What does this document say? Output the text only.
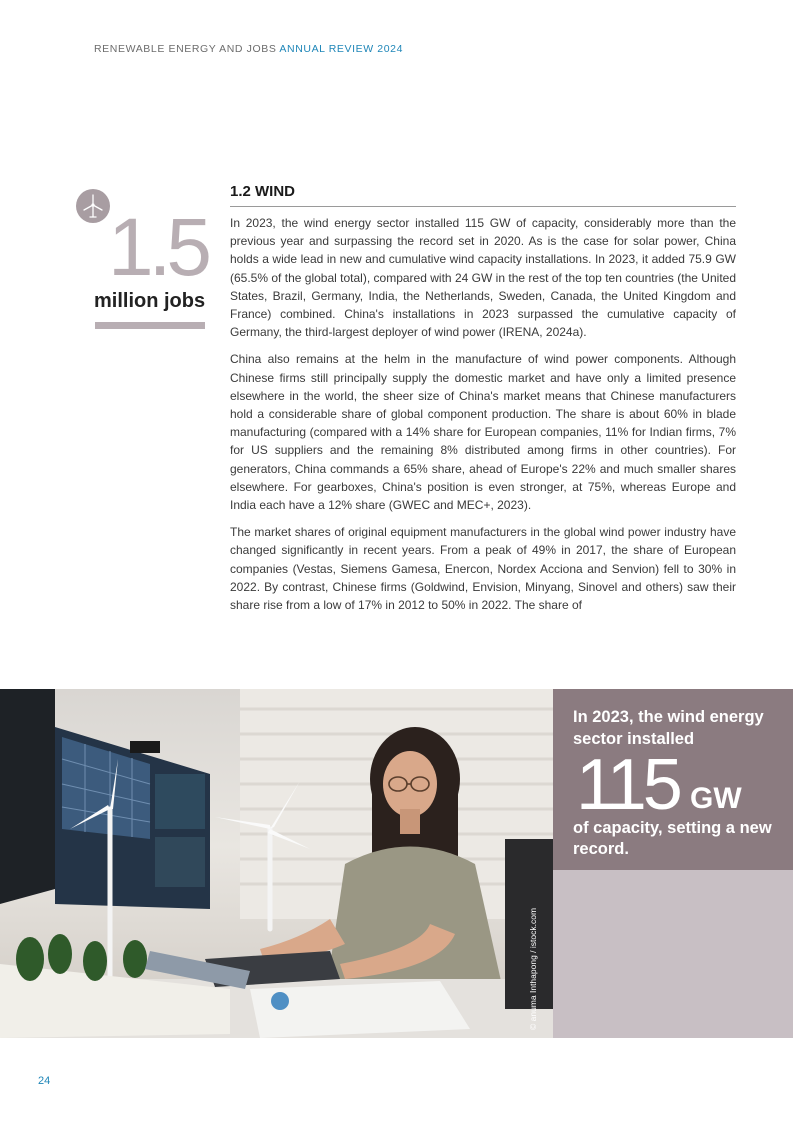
RENEWABLE ENERGY AND JOBS ANNUAL REVIEW 2024
1.5
million jobs
1.2 WIND

In 2023, the wind energy sector installed 115 GW of capacity, considerably more than the previous year and surpassing the record set in 2020. As is the case for solar power, China holds a wide lead in new and cumulative wind capacity installations. In 2023, it added 75.9 GW (65.5% of the global total), compared with 24 GW in the rest of the top ten countries (the United States, Brazil, Germany, India, the Netherlands, Sweden, Canada, the United Kingdom and France) combined. China's installations in 2023 surpassed the cumulative capacity of Germany, the third-largest deployer of wind power (IRENA, 2024a).

China also remains at the helm in the manufacture of wind power components. Although Chinese firms still principally supply the domestic market and have only a limited presence elsewhere in the world, the sheer size of China's market means that Chinese manufacturers hold a considerable share of global component production. The share is about 60% in blade manufacturing (compared with a 14% share for European companies, 11% for Indian firms, 7% for US suppliers and the remaining 8% distributed among firms in other countries). For generators, China commands a 65% share, ahead of Europe's 22% and much smaller shares elsewhere. For gearboxes, China's position is even stronger, at 75%, whereas Europe and India each have a 12% share (GWEC and MEC+, 2023).

The market shares of original equipment manufacturers in the global wind power industry have changed significantly in recent years. From a peak of 49% in 2017, the share of European companies (Vestas, Siemens Gamesa, Enercon, Nordex Acciona and Senvion) fell to 30% in 2022. By contrast, Chinese firms (Goldwind, Envision, Minyang, Sinovel and others) saw their share rise from a low of 17% in 2012 to 50% in 2022. The share of

© anuma Inthapong / istock.com
In 2023, the wind energy sector installed
115 GW
of capacity, setting a new record.
24
